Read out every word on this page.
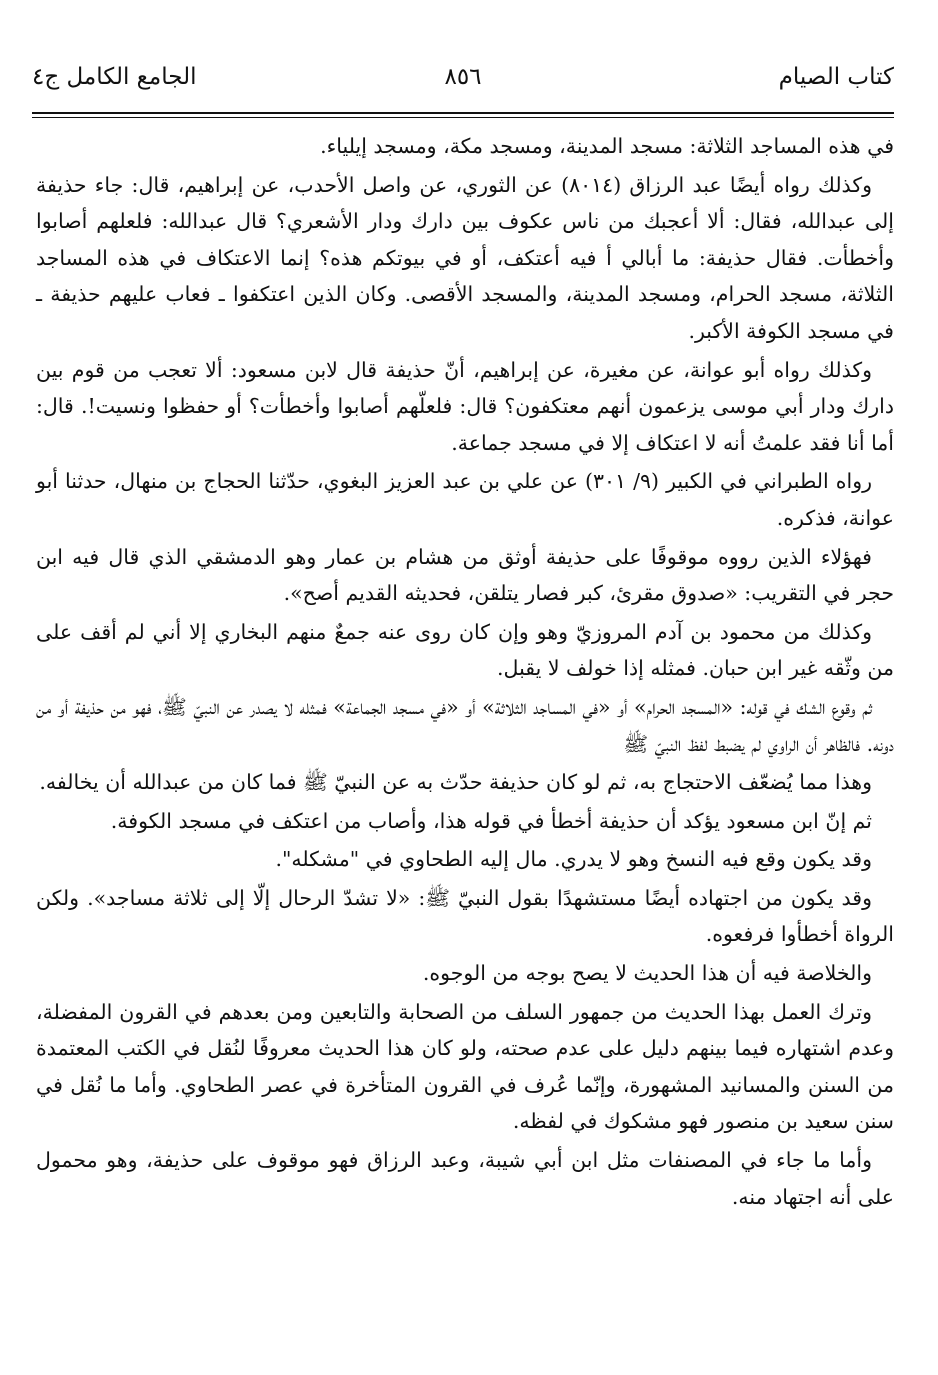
كتاب الصيام
٨٥٦
الجامع الكامل ج٤

في هذه المساجد الثلاثة: مسجد المدينة، ومسجد مكة، ومسجد إيلياء.

وكذلك رواه أيضًا عبد الرزاق (٨٠١٤) عن الثوري، عن واصل الأحدب، عن إبراهيم، قال: جاء حذيفة إلى عبدالله، فقال: ألا أعجبك من ناس عكوف بين دارك ودار الأشعري؟ قال عبدالله: فلعلهم أصابوا وأخطأت. فقال حذيفة: ما أبالي أ فيه أعتكف، أو في بيوتكم هذه؟ إنما الاعتكاف في هذه المساجد الثلاثة، مسجد الحرام، ومسجد المدينة، والمسجد الأقصى. وكان الذين اعتكفوا ـ فعاب عليهم حذيفة ـ في مسجد الكوفة الأكبر.

وكذلك رواه أبو عوانة، عن مغيرة، عن إبراهيم، أنّ حذيفة قال لابن مسعود: ألا تعجب من قوم بين دارك ودار أبي موسى يزعمون أنهم معتكفون؟ قال: فلعلّهم أصابوا وأخطأت؟ أو حفظوا ونسيت!. قال: أما أنا فقد علمتُ أنه لا اعتكاف إلا في مسجد جماعة.

رواه الطبراني في الكبير (٩/ ٣٠١) عن علي بن عبد العزيز البغوي، حدّثنا الحجاج بن منهال، حدثنا أبو عوانة، فذكره.

فهؤلاء الذين رووه موقوفًا على حذيفة أوثق من هشام بن عمار وهو الدمشقي الذي قال فيه ابن حجر في التقريب: «صدوق مقرئ، كبر فصار يتلقن، فحديثه القديم أصح».

وكذلك من محمود بن آدم المروزيّ وهو وإن كان روى عنه جمعٌ منهم البخاري إلا أني لم أقف على من وثّقه غير ابن حبان. فمثله إذا خولف لا يقبل.

ثم وقوع الشك في قوله: «المسجد الحرام» أو «في المساجد الثلاثة» أو «في مسجد الجماعة» فمثله لا يصدر عن النبيّ ﷺ، فهو من حذيفة أو من دونه. فالظاهر أن الراوي لم يضبط لفظ النبيّ ﷺ

وهذا مما يُضعّف الاحتجاج به، ثم لو كان حذيفة حدّث به عن النبيّ ﷺ فما كان من عبدالله أن يخالفه.

ثم إنّ ابن مسعود يؤكد أن حذيفة أخطأ في قوله هذا، وأصاب من اعتكف في مسجد الكوفة.

وقد يكون وقع فيه النسخ وهو لا يدري. مال إليه الطحاوي في "مشكله".

وقد يكون من اجتهاده أيضًا مستشهدًا بقول النبيّ ﷺ: «لا تشدّ الرحال إلّا إلى ثلاثة مساجد». ولكن الرواة أخطأوا فرفعوه.

والخلاصة فيه أن هذا الحديث لا يصح بوجه من الوجوه.

وترك العمل بهذا الحديث من جمهور السلف من الصحابة والتابعين ومن بعدهم في القرون المفضلة، وعدم اشتهاره فيما بينهم دليل على عدم صحته، ولو كان هذا الحديث معروفًا لنُقل في الكتب المعتمدة من السنن والمسانيد المشهورة، وإنّما عُرف في القرون المتأخرة في عصر الطحاوي. وأما ما نُقل في سنن سعيد بن منصور فهو مشكوك في لفظه.

وأما ما جاء في المصنفات مثل ابن أبي شيبة، وعبد الرزاق فهو موقوف على حذيفة، وهو محمول على أنه اجتهاد منه.
